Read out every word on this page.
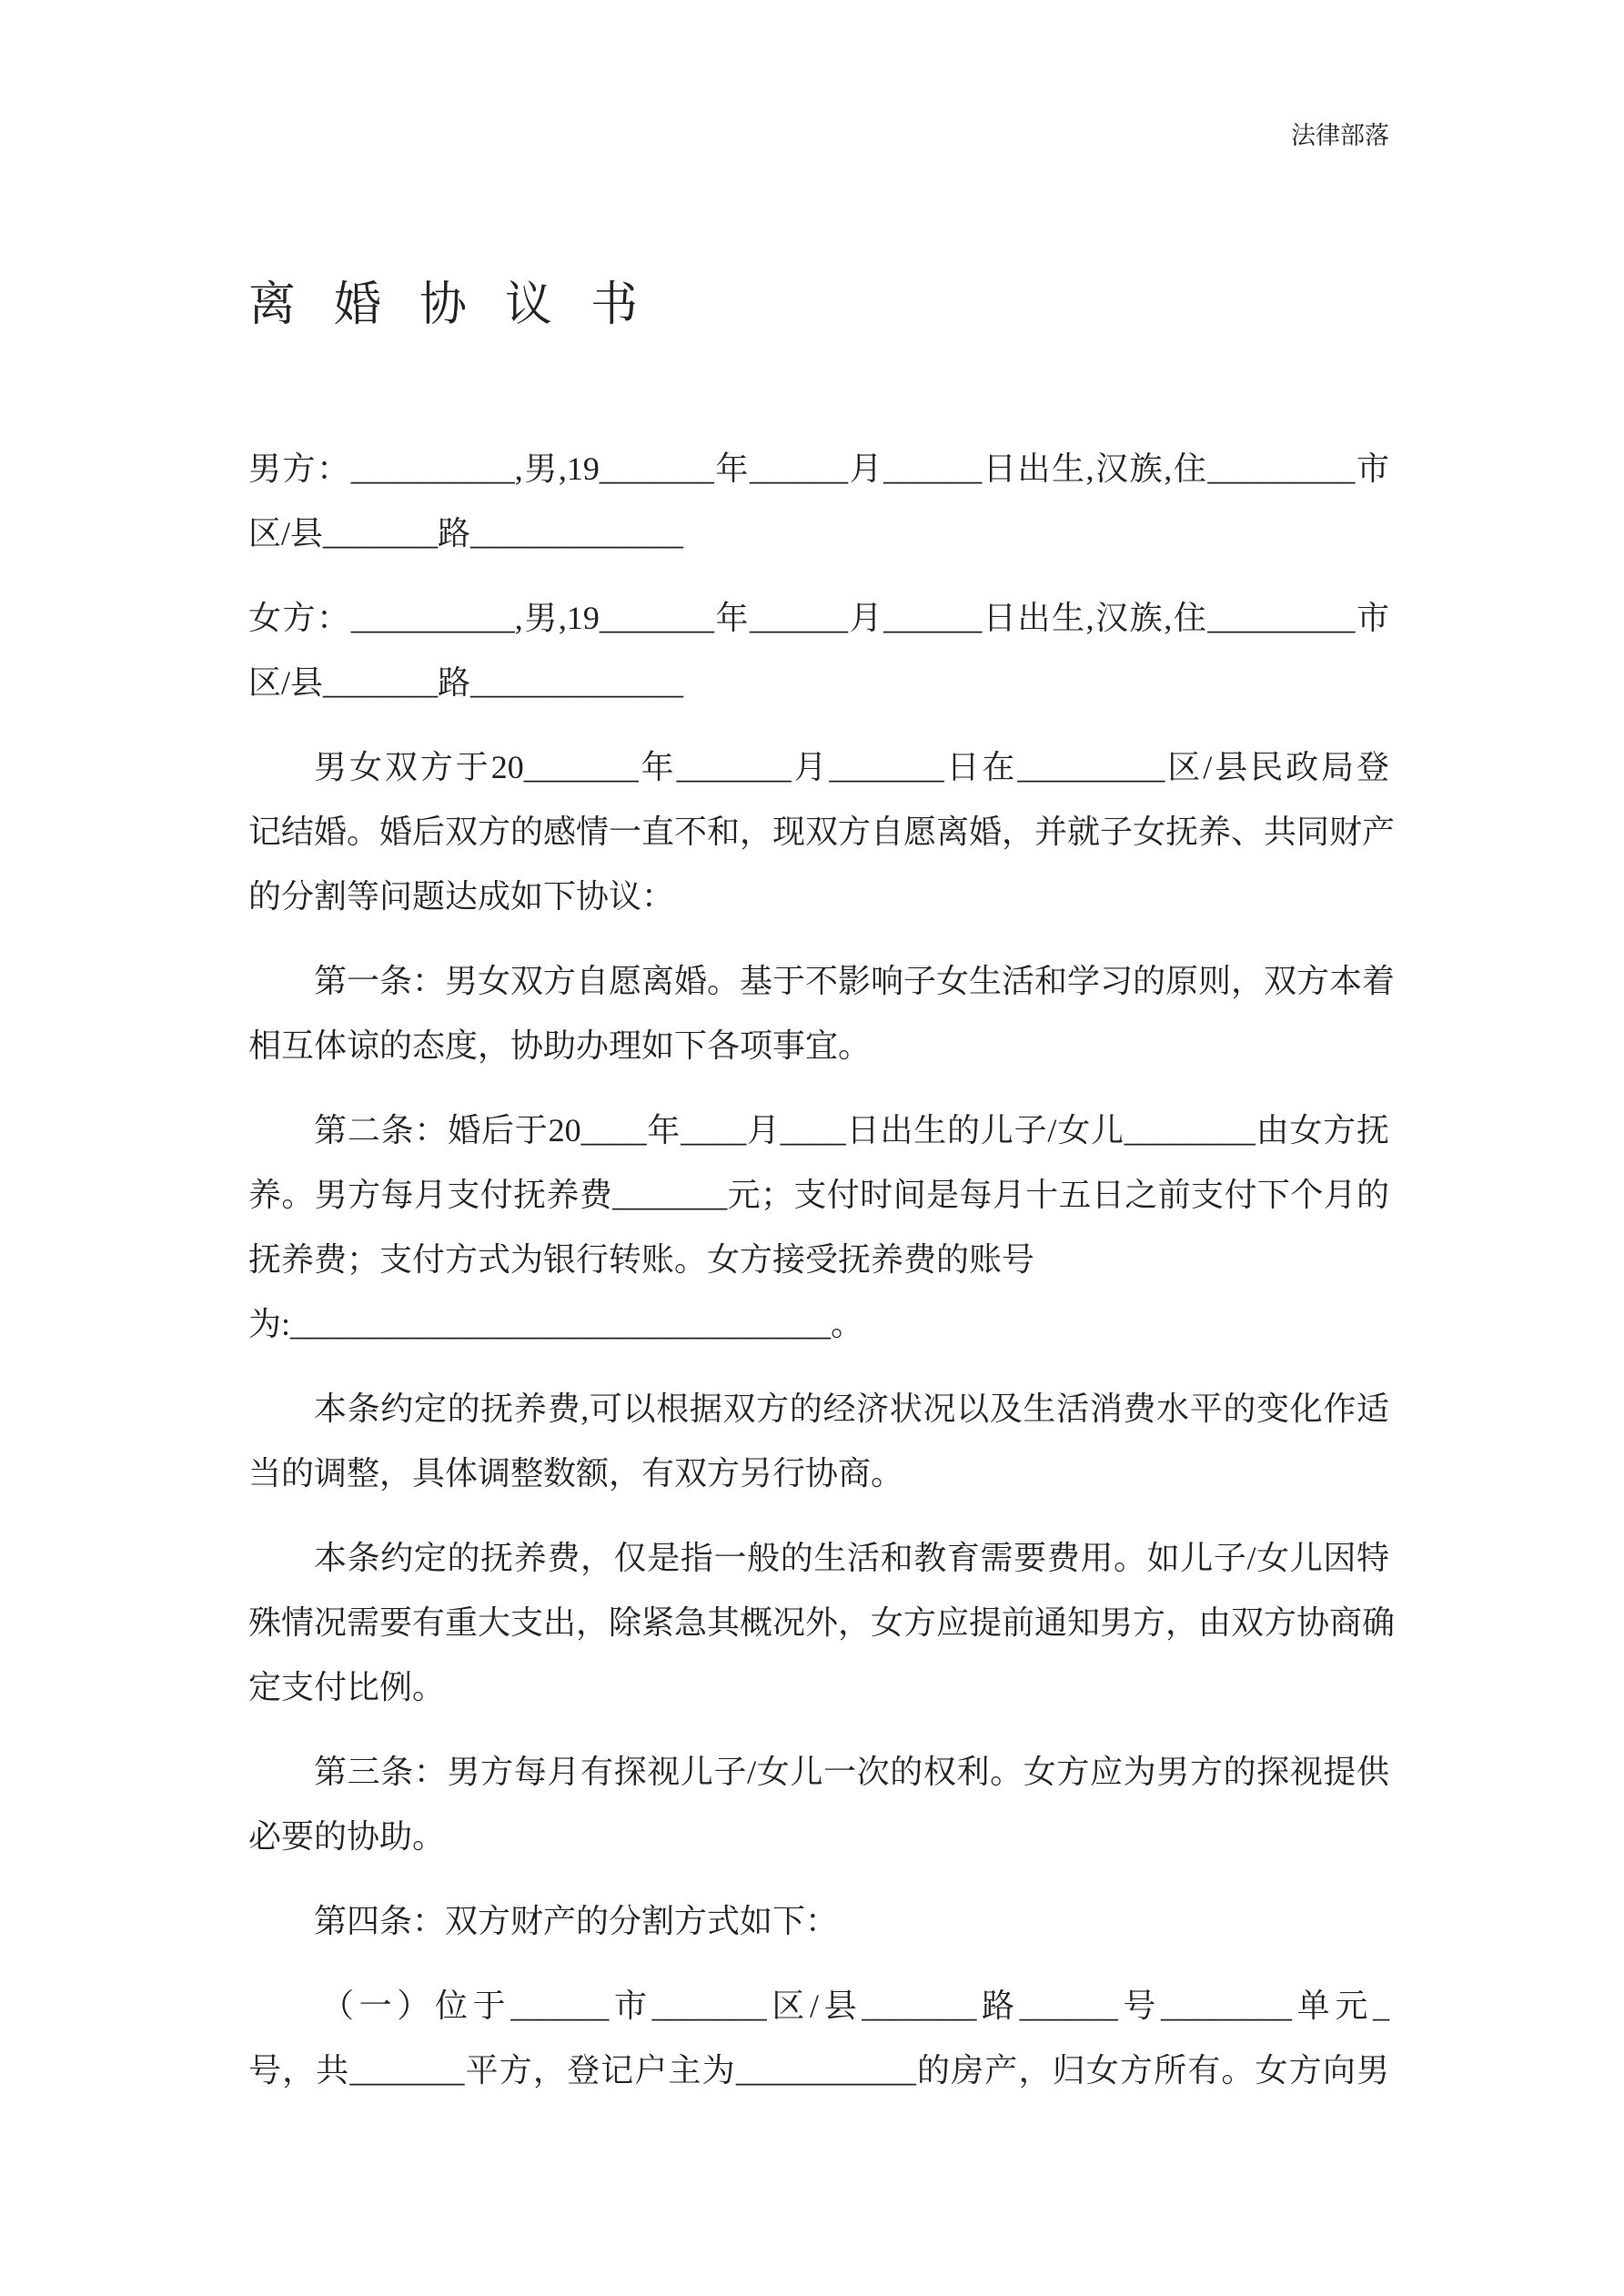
法律部落
离婚协议书
男方：__________,男,19_______年______月______日出生,汉族,住_________市
区/县_______路_____________
女方：__________,男,19_______年______月______日出生,汉族,住_________市
区/县_______路_____________
男女双方于20_______年_______月_______日在_________区/县民政局登
记结婚。婚后双方的感情一直不和，现双方自愿离婚，并就子女抚养、共同财产
的分割等问题达成如下协议：
第一条：男女双方自愿离婚。基于不影响子女生活和学习的原则，双方本着
相互体谅的态度，协助办理如下各项事宜。
第二条：婚后于20____年____月____日出生的儿子/女儿________由女方抚
养。男方每月支付抚养费_______元；支付时间是每月十五日之前支付下个月的
抚养费；支付方式为银行转账。女方接受抚养费的账号
为:_________________________________。
本条约定的抚养费,可以根据双方的经济状况以及生活消费水平的变化作适
当的调整，具体调整数额，有双方另行协商。
本条约定的抚养费，仅是指一般的生活和教育需要费用。如儿子/女儿因特
殊情况需要有重大支出，除紧急其概况外，女方应提前通知男方，由双方协商确
定支付比例。
第三条：男方每月有探视儿子/女儿一次的权利。女方应为男方的探视提供
必要的协助。
第四条：双方财产的分割方式如下：
（一）位于______市_______区/县_______路______号________单元_
号，共_______平方，登记户主为___________的房产，归女方所有。女方向男
